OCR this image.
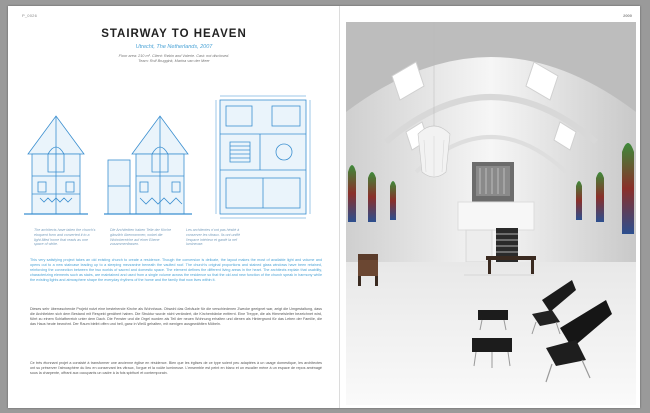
P_0026
STAIRWAY TO HEAVEN
Utrecht, The Netherlands, 2007
Floor area: 210 m². Client: Røbin and Valerie. Cast: not disclosed.
Team: Rolf Bruggink, Marina van der Meer
The architects have taken the church's eloquent form and converted it to a light-filled home that reads as one space of white.
Die Architekten haben Teile der Kirche gänzlich übernommen, wobei die Wohnbereiche auf einer Ebene zusammenfassen.
Les architectes n'ont pas hésité à conserver les vitraux. Ils ont unifié l'espace intérieur et gardé la nef lumineuse.
This very satisfying project takes an old existing church to create a residence. Though the conversion is delicate, the layout makes the most of available light and volume and opens out to a new staircase leading up to a sleeping mezzanine beneath the vaulted roof. The church's original proportions and stained glass windows have been retained, reinforcing the connection between the two worlds of sacred and domestic space. The element defines the different living areas in the heart. The architects explain that usability, characterizing elements such as stairs, are maintained and used from a single volume across the residence so that the old and new function of the church speak in harmony while the existing lights and atmosphere shape the everyday rhythms of the home and the family that now lives within it.
Dieses sehr überraschende Projekt nutzt eine bestehende Kirche als Wohnhaus. Obwohl das Gebäude für die verschiedenen Zwecke geeignet war, zeigt die Umgestaltung, dass die Architekten sich dem Bestand mit Respekt genähert haben. Die Struktur wurde nicht verändert, die Kirchenbänke entfernt. Eine Treppe, die als Himmelsleiter bezeichnet wird, führt zu einem Schlafbereich unter dem Dach. Die Fenster und die Orgel wurden als Teil der neuen Wohnung erhalten und dienen als Hintergrund für das Leben der Familie, die das Haus heute bewohnt. Der Raum bleibt offen und hell, ganz in Weiß gehalten, mit wenigen ausgewählten Möbeln.
Ce très étonnant projet a consisté à transformer une ancienne église en résidence. Bien que les églises de ce type soient peu adaptées à un usage domestique, les architectes ont su préserver l'atmosphère du lieu en conservant les vitraux, l'orgue et la voûte lumineuse. L'ensemble est peint en blanc et un escalier mène à un espace de repos aménagé sous la charpente, offrant aux occupants un cadre à la fois spirituel et contemporain.
2000
